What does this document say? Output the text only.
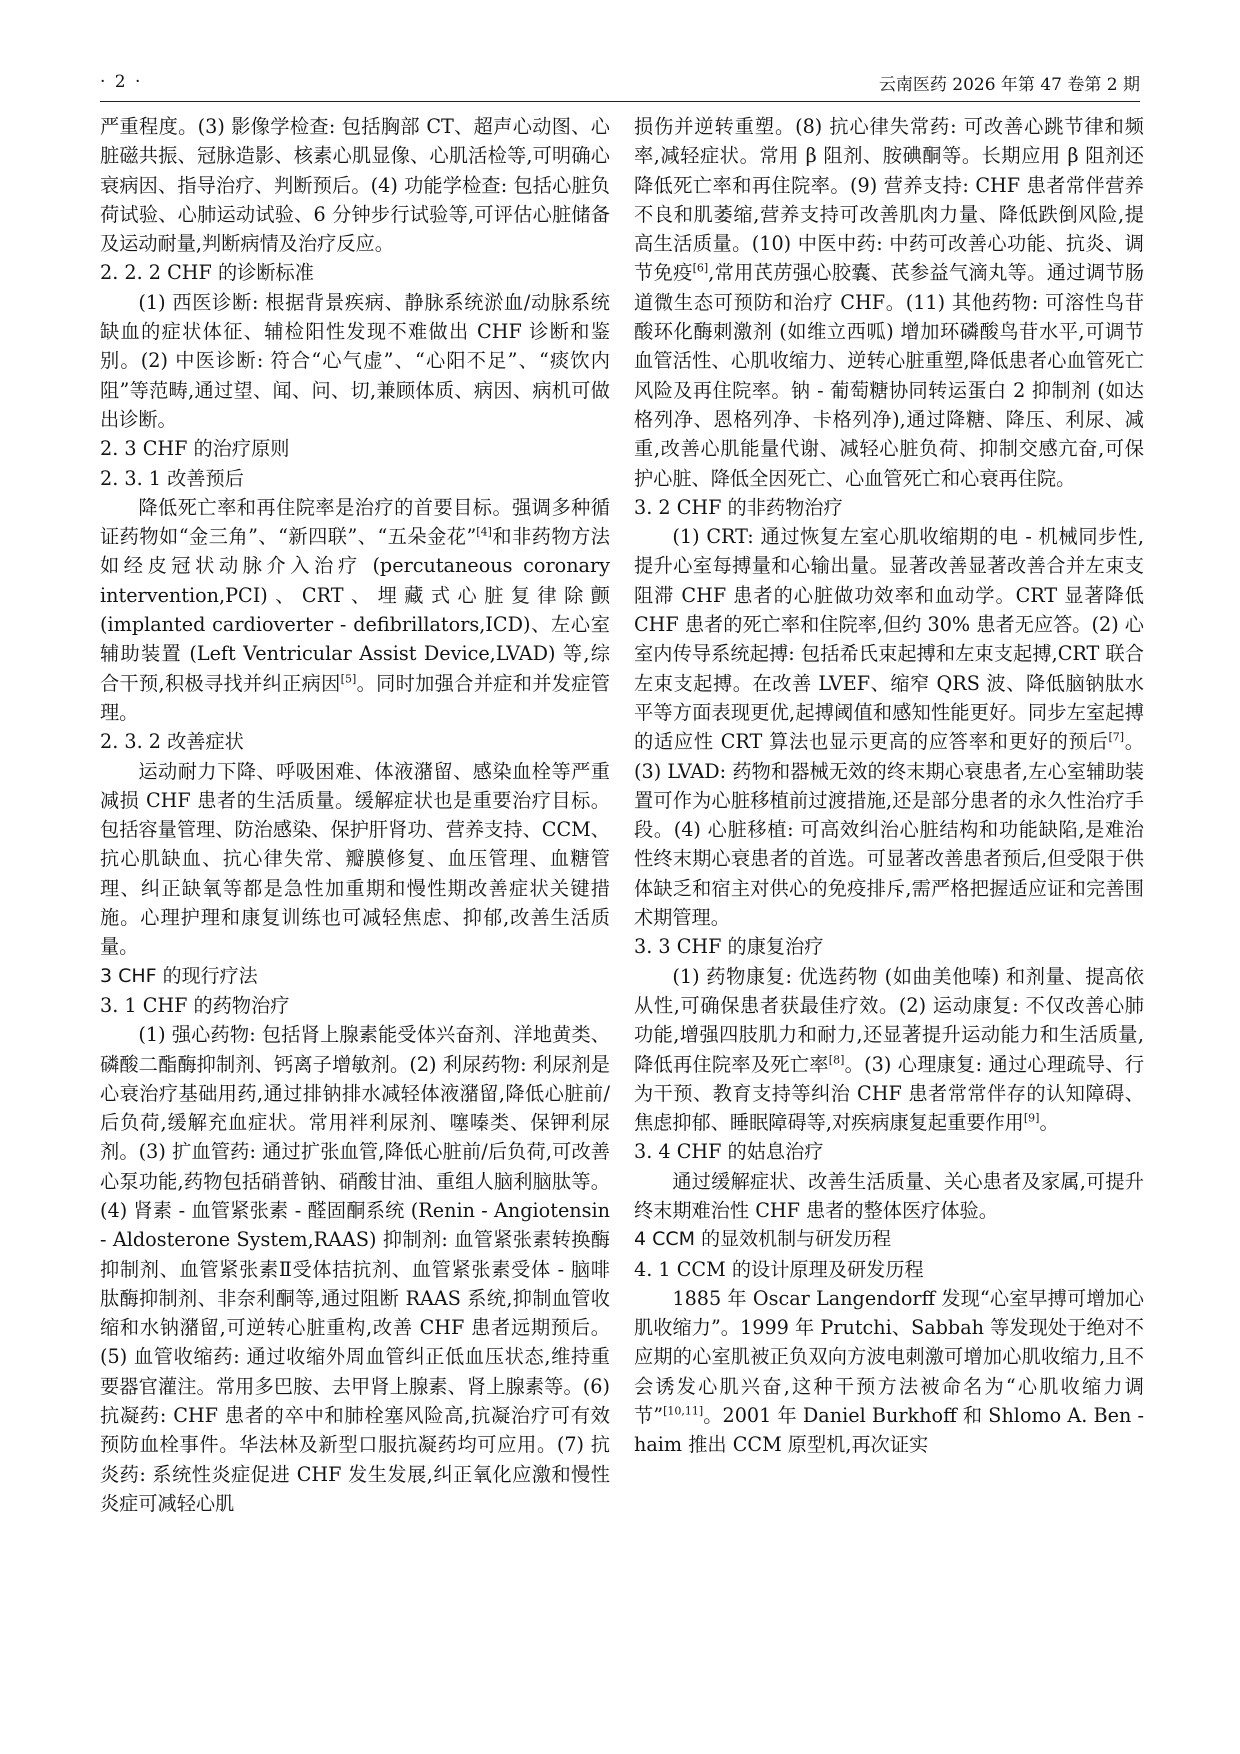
· 2 ·	云南医药 2026 年第 47 卷第 2 期

严重程度。(3) 影像学检查: 包括胸部 CT、超声心动图、心脏磁共振、冠脉造影、核素心肌显像、心肌活检等,可明确心衰病因、指导治疗、判断预后。(4) 功能学检查: 包括心脏负荷试验、心肺运动试验、6 分钟步行试验等,可评估心脏储备及运动耐量,判断病情及治疗反应。

2. 2. 2 CHF 的诊断标准

(1) 西医诊断: 根据背景疾病、静脉系统淤血/动脉系统缺血的症状体征、辅检阳性发现不难做出 CHF 诊断和鉴别。(2) 中医诊断: 符合“心气虚”、“心阳不足”、“痰饮内阻”等范畴,通过望、闻、问、切,兼顾体质、病因、病机可做出诊断。

2. 3 CHF 的治疗原则

2. 3. 1 改善预后

降低死亡率和再住院率是治疗的首要目标。强调多种循证药物如“金三角”、“新四联”、“五朵金花”[4]和非药物方法如经皮冠状动脉介入治疗 (percutaneous coronary intervention,PCI)、CRT、埋藏式心脏复律除颤 (implanted cardioverter - defibrillators,ICD)、左心室辅助装置 (Left Ventricular Assist Device,LVAD) 等,综合干预,积极寻找并纠正病因[5]。同时加强合并症和并发症管理。

2. 3. 2 改善症状

运动耐力下降、呼吸困难、体液潴留、感染血栓等严重减损 CHF 患者的生活质量。缓解症状也是重要治疗目标。包括容量管理、防治感染、保护肝肾功、营养支持、CCM、抗心肌缺血、抗心律失常、瓣膜修复、血压管理、血糖管理、纠正缺氧等都是急性加重期和慢性期改善症状关键措施。心理护理和康复训练也可减轻焦虑、抑郁,改善生活质量。

3 CHF 的现行疗法

3. 1 CHF 的药物治疗

(1) 强心药物: 包括肾上腺素能受体兴奋剂、洋地黄类、磷酸二酯酶抑制剂、钙离子增敏剂。(2) 利尿药物: 利尿剂是心衰治疗基础用药,通过排钠排水减轻体液潴留,降低心脏前/后负荷,缓解充血症状。常用袢利尿剂、噻嗪类、保钾利尿剂。(3) 扩血管药: 通过扩张血管,降低心脏前/后负荷,可改善心泵功能,药物包括硝普钠、硝酸甘油、重组人脑利脑肽等。(4) 肾素 - 血管紧张素 - 醛固酮系统 (Renin - Angiotensin - Aldosterone System,RAAS) 抑制剂: 血管紧张素转换酶抑制剂、血管紧张素Ⅱ受体拮抗剂、血管紧张素受体 - 脑啡肽酶抑制剂、非奈利酮等,通过阻断 RAAS 系统,抑制血管收缩和水钠潴留,可逆转心脏重构,改善 CHF 患者远期预后。(5) 血管收缩药: 通过收缩外周血管纠正低血压状态,维持重要器官灌注。常用多巴胺、去甲肾上腺素、肾上腺素等。(6) 抗凝药: CHF 患者的卒中和肺栓塞风险高,抗凝治疗可有效预防血栓事件。华法林及新型口服抗凝药均可应用。(7) 抗炎药: 系统性炎症促进 CHF 发生发展,纠正氧化应激和慢性炎症可减轻心肌

损伤并逆转重塑。(8) 抗心律失常药: 可改善心跳节律和频率,减轻症状。常用 β 阻剂、胺碘酮等。长期应用 β 阻剂还降低死亡率和再住院率。(9) 营养支持: CHF 患者常伴营养不良和肌萎缩,营养支持可改善肌肉力量、降低跌倒风险,提高生活质量。(10) 中医中药: 中药可改善心功能、抗炎、调节免疫[6],常用芪苈强心胶囊、芪参益气滴丸等。通过调节肠道微生态可预防和治疗 CHF。(11) 其他药物: 可溶性鸟苷酸环化酶刺激剂 (如维立西呱) 增加环磷酸鸟苷水平,可调节血管活性、心肌收缩力、逆转心脏重塑,降低患者心血管死亡风险及再住院率。钠 - 葡萄糖协同转运蛋白 2 抑制剂 (如达格列净、恩格列净、卡格列净),通过降糖、降压、利尿、减重,改善心肌能量代谢、减轻心脏负荷、抑制交感亢奋,可保护心脏、降低全因死亡、心血管死亡和心衰再住院。

3. 2 CHF 的非药物治疗

(1) CRT: 通过恢复左室心肌收缩期的电 - 机械同步性,提升心室每搏量和心输出量。显著改善显著改善合并左束支阻滞 CHF 患者的心脏做功效率和血动学。CRT 显著降低 CHF 患者的死亡率和住院率,但约 30% 患者无应答。(2) 心室内传导系统起搏: 包括希氏束起搏和左束支起搏,CRT 联合左束支起搏。在改善 LVEF、缩窄 QRS 波、降低脑钠肽水平等方面表现更优,起搏阈值和感知性能更好。同步左室起搏的适应性 CRT 算法也显示更高的应答率和更好的预后[7]。(3) LVAD: 药物和器械无效的终末期心衰患者,左心室辅助装置可作为心脏移植前过渡措施,还是部分患者的永久性治疗手段。(4) 心脏移植: 可高效纠治心脏结构和功能缺陷,是难治性终末期心衰患者的首选。可显著改善患者预后,但受限于供体缺乏和宿主对供心的免疫排斥,需严格把握适应证和完善围术期管理。

3. 3 CHF 的康复治疗

(1) 药物康复: 优选药物 (如曲美他嗪) 和剂量、提高依从性,可确保患者获最佳疗效。(2) 运动康复: 不仅改善心肺功能,增强四肢肌力和耐力,还显著提升运动能力和生活质量,降低再住院率及死亡率[8]。(3) 心理康复: 通过心理疏导、行为干预、教育支持等纠治 CHF 患者常常伴存的认知障碍、焦虑抑郁、睡眠障碍等,对疾病康复起重要作用[9]。

3. 4 CHF 的姑息治疗

通过缓解症状、改善生活质量、关心患者及家属,可提升终末期难治性 CHF 患者的整体医疗体验。

4 CCM 的显效机制与研发历程

4. 1 CCM 的设计原理及研发历程

1885 年 Oscar Langendorff 发现“心室早搏可增加心肌收缩力”。1999 年 Prutchi、Sabbah 等发现处于绝对不应期的心室肌被正负双向方波电刺激可增加心肌收缩力,且不会诱发心肌兴奋,这种干预方法被命名为“心肌收缩力调节”[10,11]。2001 年 Daniel Burkhoff 和 Shlomo A. Ben - haim 推出 CCM 原型机,再次证实
